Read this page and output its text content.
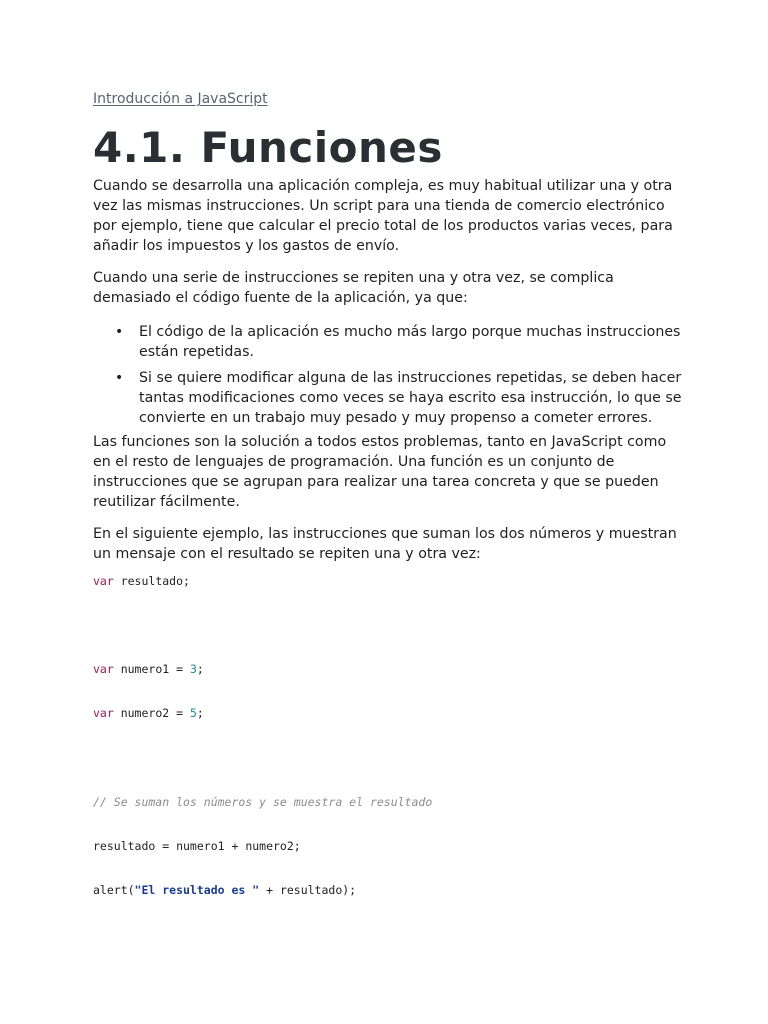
Introducción a JavaScript
4.1. Funciones

Cuando se desarrolla una aplicación compleja, es muy habitual utilizar una y otra vez las mismas instrucciones. Un script para una tienda de comercio electrónico por ejemplo, tiene que calcular el precio total de los productos varias veces, para añadir los impuestos y los gastos de envío.

Cuando una serie de instrucciones se repiten una y otra vez, se complica demasiado el código fuente de la aplicación, ya que:

• El código de la aplicación es mucho más largo porque muchas instrucciones están repetidas.
• Si se quiere modificar alguna de las instrucciones repetidas, se deben hacer tantas modificaciones como veces se haya escrito esa instrucción, lo que se convierte en un trabajo muy pesado y muy propenso a cometer errores.

Las funciones son la solución a todos estos problemas, tanto en JavaScript como en el resto de lenguajes de programación. Una función es un conjunto de instrucciones que se agrupan para realizar una tarea concreta y que se pueden reutilizar fácilmente.

En el siguiente ejemplo, las instrucciones que suman los dos números y muestran un mensaje con el resultado se repiten una y otra vez:

var resultado;
var numero1 = 3;
var numero2 = 5;
// Se suman los números y se muestra el resultado
resultado = numero1 + numero2;
alert("El resultado es " + resultado);
